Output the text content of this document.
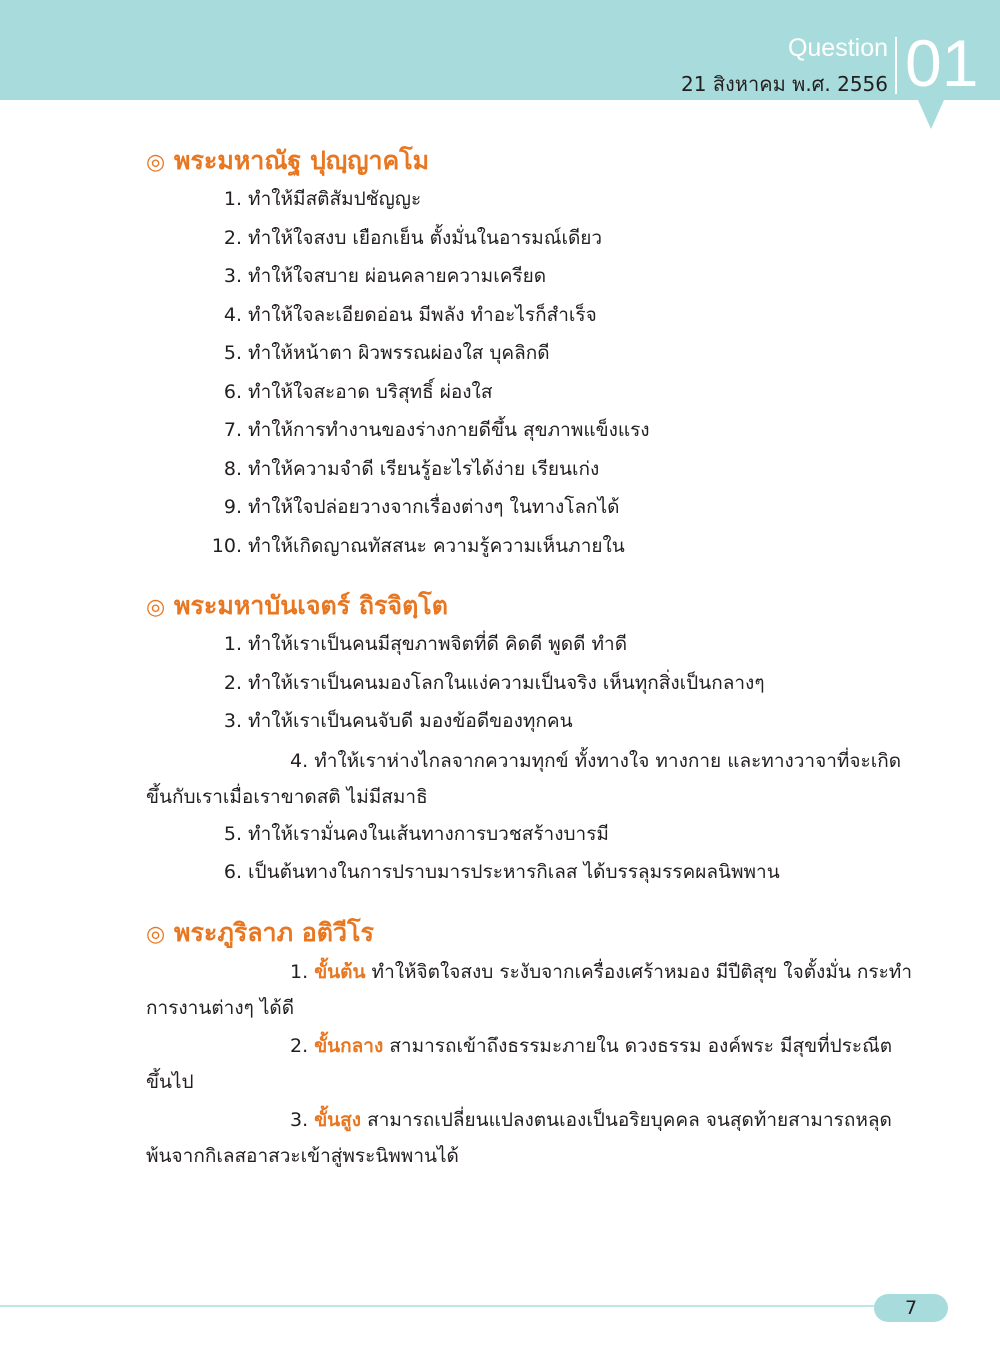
Question
21 สิงหาคม พ.ศ. 2556 01
◎ พระมหาณัฐ ปุญฺญาคโม
1. ทำให้มีสติสัมปชัญญะ
2. ทำให้ใจสงบ เยือกเย็น ตั้งมั่นในอารมณ์เดียว
3. ทำให้ใจสบาย ผ่อนคลายความเครียด
4. ทำให้ใจละเอียดอ่อน มีพลัง ทำอะไรก็สำเร็จ
5. ทำให้หน้าตา ผิวพรรณผ่องใส บุคลิกดี
6. ทำให้ใจสะอาด บริสุทธิ์ ผ่องใส
7. ทำให้การทำงานของร่างกายดีขึ้น สุขภาพแข็งแรง
8. ทำให้ความจำดี เรียนรู้อะไรได้ง่าย เรียนเก่ง
9. ทำให้ใจปล่อยวางจากเรื่องต่างๆ ในทางโลกได้
10. ทำให้เกิดญาณทัสสนะ ความรู้ความเห็นภายใน
◎ พระมหาบันเจตร์ ถิรจิตฺโต
1. ทำให้เราเป็นคนมีสุขภาพจิตที่ดี คิดดี พูดดี ทำดี
2. ทำให้เราเป็นคนมองโลกในแง่ความเป็นจริง เห็นทุกสิ่งเป็นกลางๆ
3. ทำให้เราเป็นคนจับดี มองข้อดีของทุกคน
4. ทำให้เราห่างไกลจากความทุกข์ ทั้งทางใจ ทางกาย และทางวาจาที่จะเกิดขึ้นกับเราเมื่อเราขาดสติ ไม่มีสมาธิ
5. ทำให้เรามั่นคงในเส้นทางการบวชสร้างบารมี
6. เป็นต้นทางในการปราบมารประหารกิเลส ได้บรรลุมรรคผลนิพพาน
◎ พระภูริลาภ อติวีโร
1. ขั้นต้น ทำให้จิตใจสงบ ระงับจากเครื่องเศร้าหมอง มีปีติสุข ใจตั้งมั่น กระทำการงานต่างๆ ได้ดี
2. ขั้นกลาง สามารถเข้าถึงธรรมะภายใน ดวงธรรม องค์พระ มีสุขที่ประณีตขึ้นไป
3. ขั้นสูง สามารถเปลี่ยนแปลงตนเองเป็นอริยบุคคล จนสุดท้ายสามารถหลุดพ้นจากกิเลสอาสวะเข้าสู่พระนิพพานได้
7
